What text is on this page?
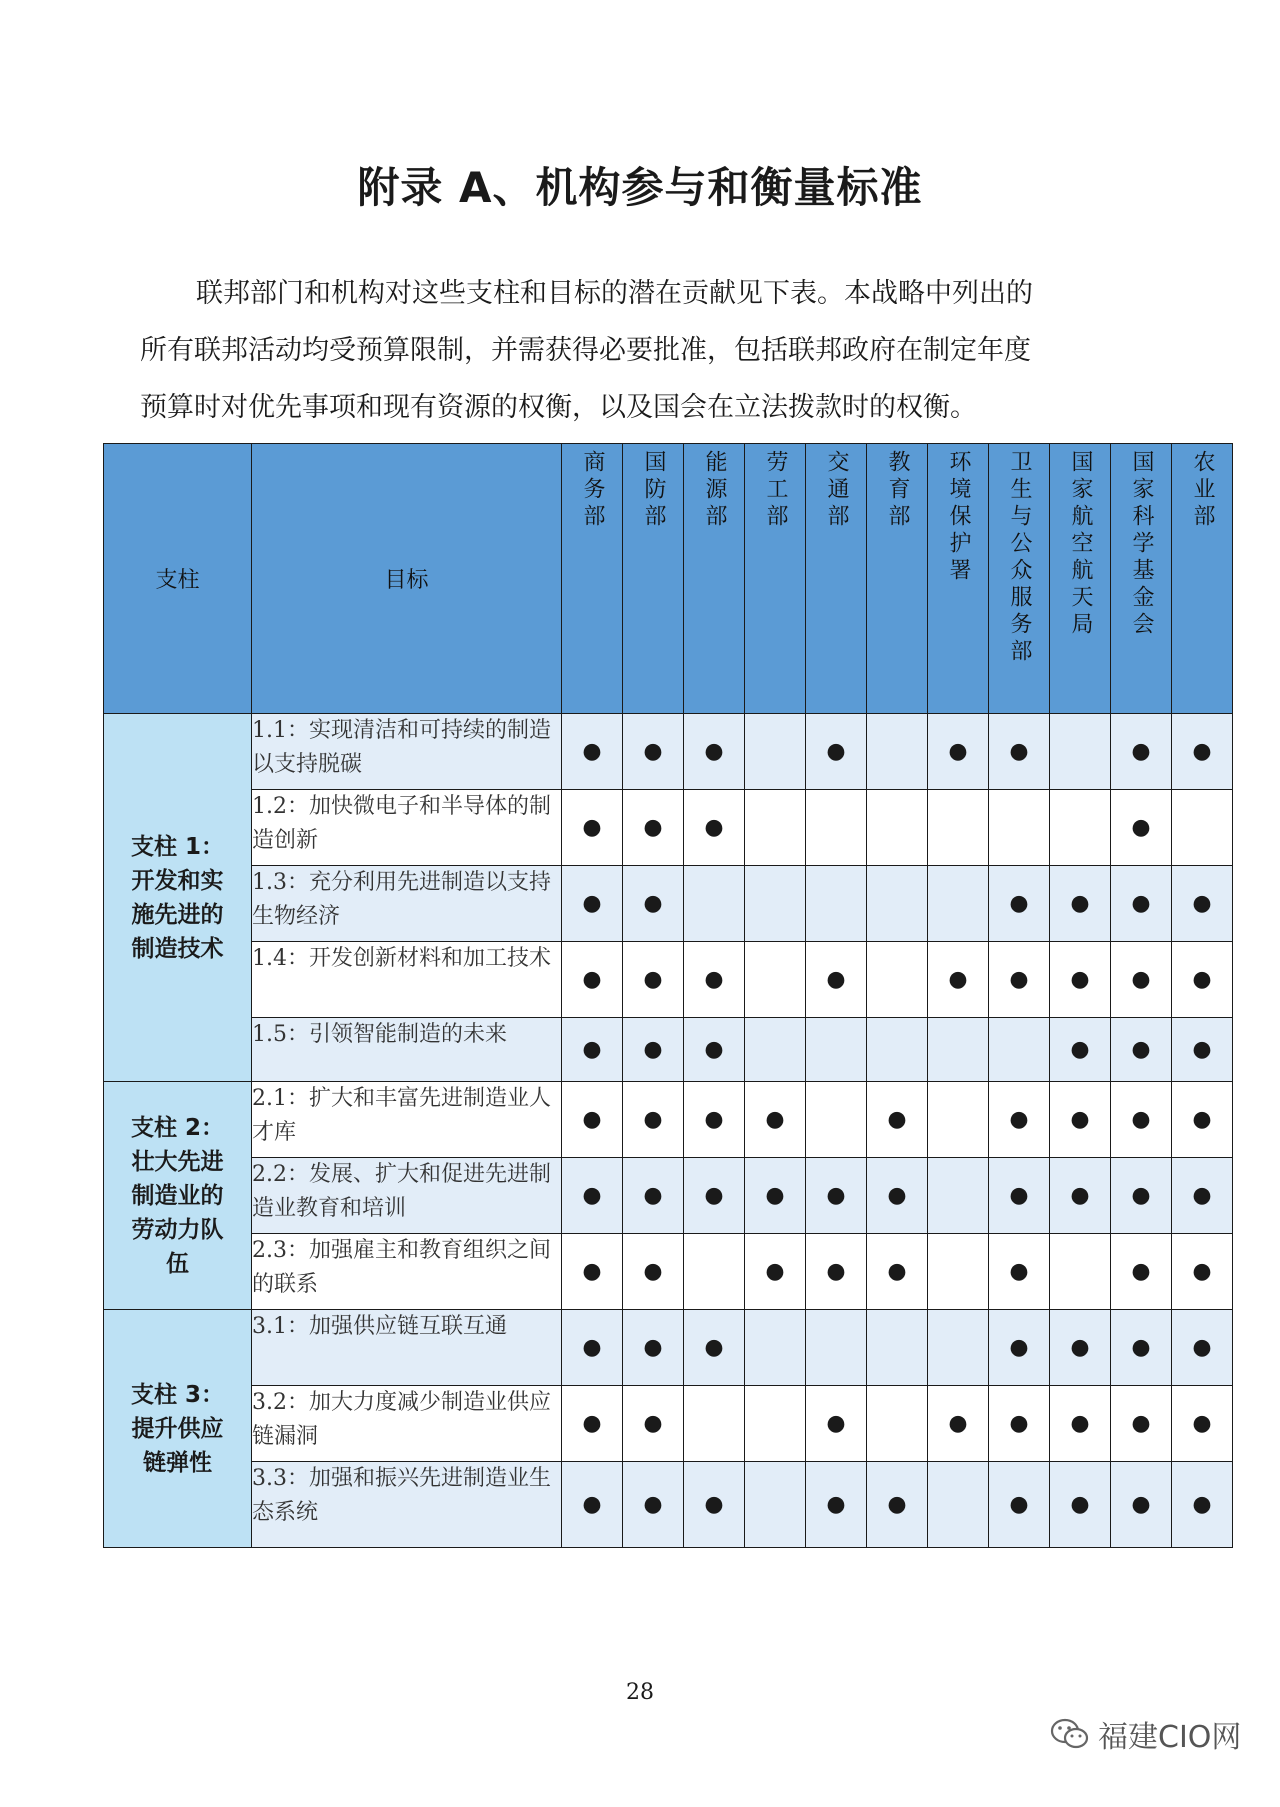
附录 A、机构参与和衡量标准
联邦部门和机构对这些支柱和目标的潜在贡献见下表。本战略中列出的
所有联邦活动均受预算限制，并需获得必要批准，包括联邦政府在制定年度
预算时对优先事项和现有资源的权衡，以及国会在立法拨款时的权衡。
支柱	目标	商务部	国防部	能源部	劳工部	交通部	教育部	环境保护署	卫生与公众服务部	国家航空航天局	国家科学基金会	农业部

支柱 1：
开发和实
施先进的
制造技术	1.1：实现清洁和可持续的制造以支持脱碳	●	●	●		●		●	●		●	●
	1.2：加快微电子和半导体的制造创新	●	●	●							●	
	1.3：充分利用先进制造以支持生物经济	●	●						●	●	●	●
	1.4：开发创新材料和加工技术	●	●	●		●		●	●	●	●	●
	1.5：引领智能制造的未来	●	●	●						●	●	●

支柱 2：
壮大先进
制造业的
劳动力队
伍	2.1：扩大和丰富先进制造业人才库	●	●	●	●		●		●	●	●	●
	2.2：发展、扩大和促进先进制造业教育和培训	●	●	●	●	●	●		●	●	●	●
	2.3：加强雇主和教育组织之间的联系	●	●		●	●	●		●		●	●

支柱 3：
提升供应
链弹性	3.1：加强供应链互联互通	●	●	●					●	●	●	●
	3.2：加大力度减少制造业供应链漏洞	●	●			●		●	●	●	●	●
	3.3：加强和振兴先进制造业生态系统	●	●	●		●	●		●	●	●	●
28
福建CIO网
